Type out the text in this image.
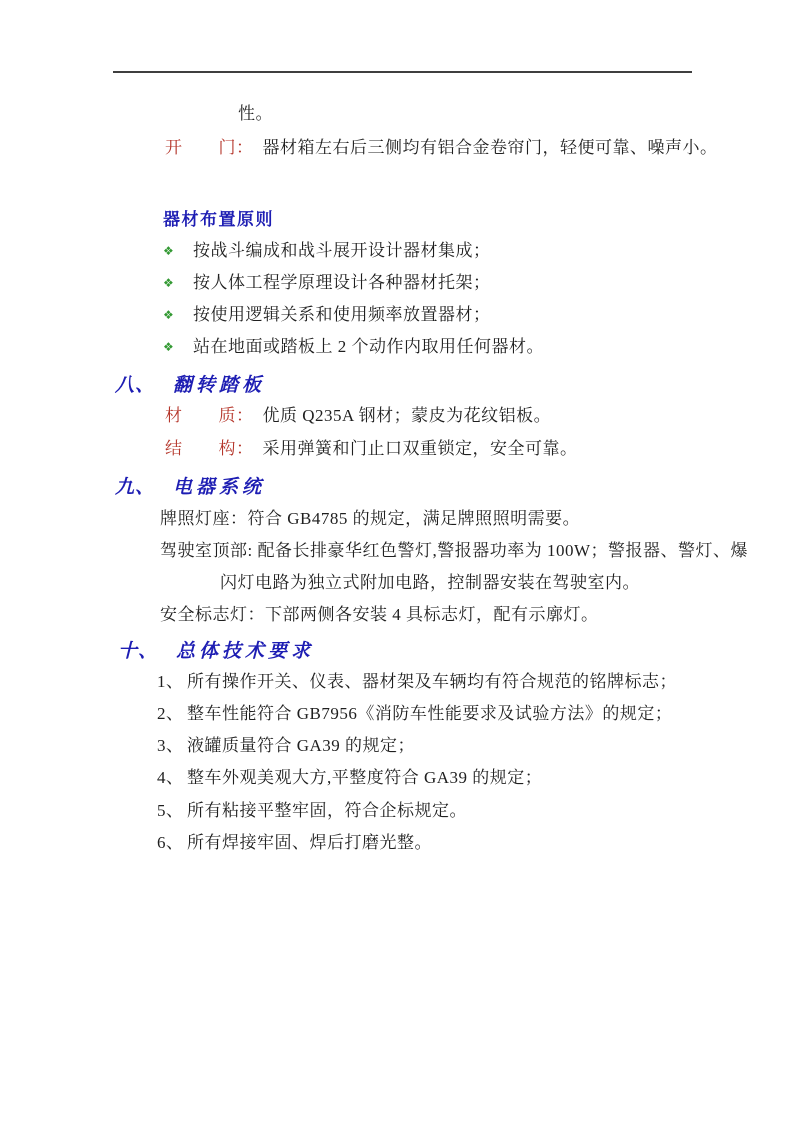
性。
开 门： 器材箱左右后三侧均有铝合金卷帘门，轻便可靠、噪声小。
器材布置原则
❖ 按战斗编成和战斗展开设计器材集成；
❖ 按人体工程学原理设计各种器材托架；
❖ 按使用逻辑关系和使用频率放置器材；
❖ 站在地面或踏板上 2 个动作内取用任何器材。
八、 翻转踏板
材 质： 优质 Q235A 钢材；蒙皮为花纹铝板。
结 构： 采用弹簧和门止口双重锁定，安全可靠。
九、 电器系统
牌照灯座：符合 GB4785 的规定，满足牌照照明需要。
驾驶室顶部: 配备长排豪华红色警灯,警报器功率为 100W；警报器、警灯、爆
闪灯电路为独立式附加电路，控制器安装在驾驶室内。
安全标志灯：下部两侧各安装 4 具标志灯，配有示廓灯。
十、 总体技术要求
1、 所有操作开关、仪表、器材架及车辆均有符合规范的铭牌标志；
2、 整车性能符合 GB7956《消防车性能要求及试验方法》的规定；
3、 液罐质量符合 GA39 的规定；
4、 整车外观美观大方,平整度符合 GA39 的规定；
5、 所有粘接平整牢固，符合企标规定。
6、 所有焊接牢固、焊后打磨光整。
